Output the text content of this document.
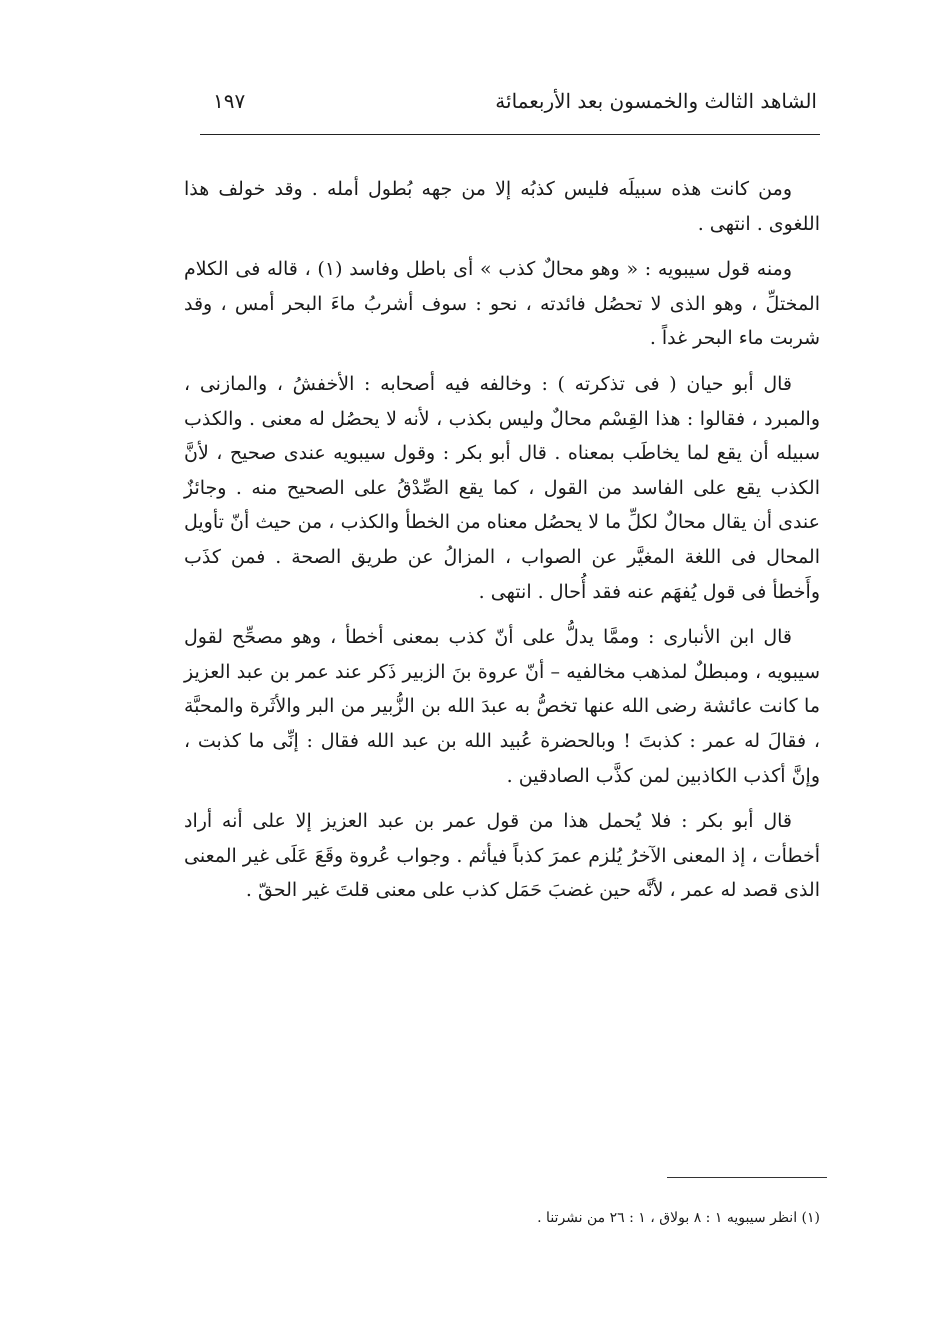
الشاهد الثالث والخمسون بعد الأربعمائة
١٩٧

ومن كانت هذه سبيلَه فليس كذبُه إلا من جهه بُطول أمله . وقد خولف هذا اللغوى . انتهى .

ومنه قول سيبويه : « وهو محالٌ كذب » أى باطل وفاسد (١) ، قاله فى الكلام المختلِّ ، وهو الذى لا تحصُل فائدته ، نحو : سوف أشربُ ماءَ البحر أمس ، وقد شربت ماء البحر غداً .

قال أبو حيان ( فى تذكرته ) : وخالفه فيه أصحابه : الأخفشُ ، والمازنى ، والمبرد ، فقالوا : هذا القِسْم محالٌ وليس بكذب ، لأنه لا يحصُل له معنى . والكذب سبيله أن يقع لما يخاطَب بمعناه . قال أبو بكر : وقول سيبويه عندى صحيح ، لأنَّ الكذب يقع على الفاسد من القول ، كما يقع الصِّدْقُ على الصحيح منه . وجائزٌ عندى أن يقال محالٌ لكلِّ ما لا يحصُل معناه من الخطأ والكذب ، من حيث أنّ تأويل المحال فى اللغة المغيَّر عن الصواب ، المزالُ عن طريق الصحة . فمن كذَب وأَخطأ فى قول يُفهَم عنه فقد أُحال . انتهى .

قال ابن الأنبارى : وممَّا يدلُّ على أنّ كذب بمعنى أخطأ ، وهو مصحِّح لقول سيبويه ، ومبطلٌ لمذهب مخالفيه – أنّ عروة بنَ الزبير ذَكر عند عمر بن عبد العزيز ما كانت عائشة رضى الله عنها تخصُّ به عبدَ الله بن الزُّبير من البر والأثَرة والمحبَّة ، فقالَ له عمر : كذبتَ ! وبالحضرة عُبيد الله بن عبد الله فقال : إنِّى ما كذبت ، وإنَّ أكذب الكاذبين لمن كذَّب الصادقين .

قال أبو بكر : فلا يُحمل هذا من قول عمر بن عبد العزيز إلا على أنه أراد أخطأت ، إذ المعنى الآخرُ يُلزم عمرَ كذباً فيأثم . وجواب عُروة وقَعَ عَلَى غير المعنى الذى قصد له عمر ، لأنَّه حين غضبَ حَمَل كذب على معنى قلتَ غير الحقّ .

(١) انظر سيبويه ١ : ٨ بولاق ، ١ : ٢٦ من نشرتنا .
